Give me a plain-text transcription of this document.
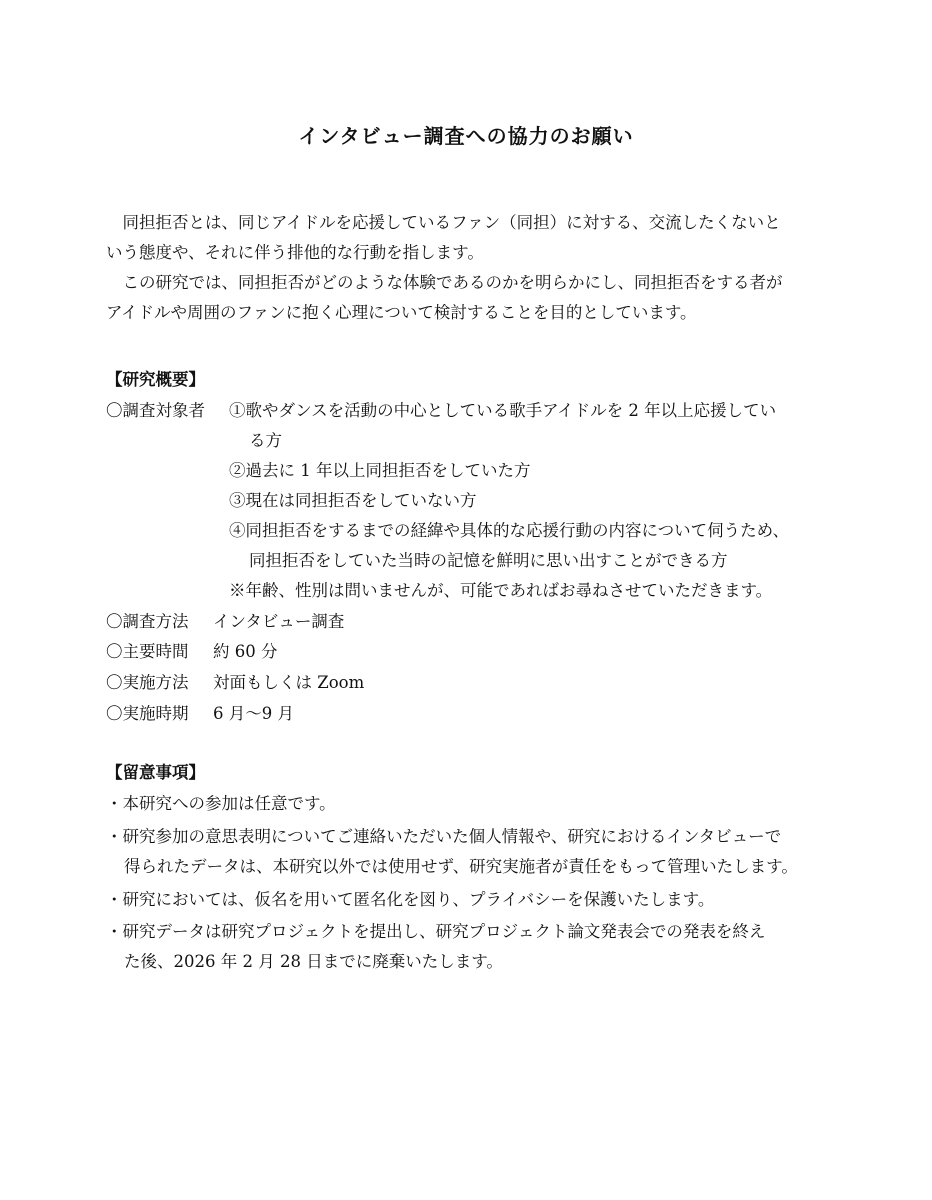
インタビュー調査への協力のお願い

同担拒否とは、同じアイドルを応援しているファン（同担）に対する、交流したくないと

いう態度や、それに伴う排他的な行動を指します。

この研究では、同担拒否がどのような体験であるのかを明らかにし、同担拒否をする者が

アイドルや周囲のファンに抱く心理について検討することを目的としています。

【研究概要】
〇調査対象者 ①歌やダンスを活動の中心としている歌手アイドルを 2 年以上応援してい
る方
②過去に 1 年以上同担拒否をしていた方
③現在は同担拒否をしていない方
④同担拒否をするまでの経緯や具体的な応援行動の内容について伺うため、
同担拒否をしていた当時の記憶を鮮明に思い出すことができる方
※年齢、性別は問いませんが、可能であればお尋ねさせていただきます。
〇調査方法 インタビュー調査
〇主要時間 約 60 分
〇実施方法 対面もしくは Zoom
〇実施時期 6 月〜9 月
【留意事項】
・本研究への参加は任意です。
・研究参加の意思表明についてご連絡いただいた個人情報や、研究におけるインタビューで
得られたデータは、本研究以外では使用せず、研究実施者が責任をもって管理いたします。
・研究においては、仮名を用いて匿名化を図り、プライバシーを保護いたします。
・研究データは研究プロジェクトを提出し、研究プロジェクト論文発表会での発表を終え
た後、2026 年 2 月 28 日までに廃棄いたします。
